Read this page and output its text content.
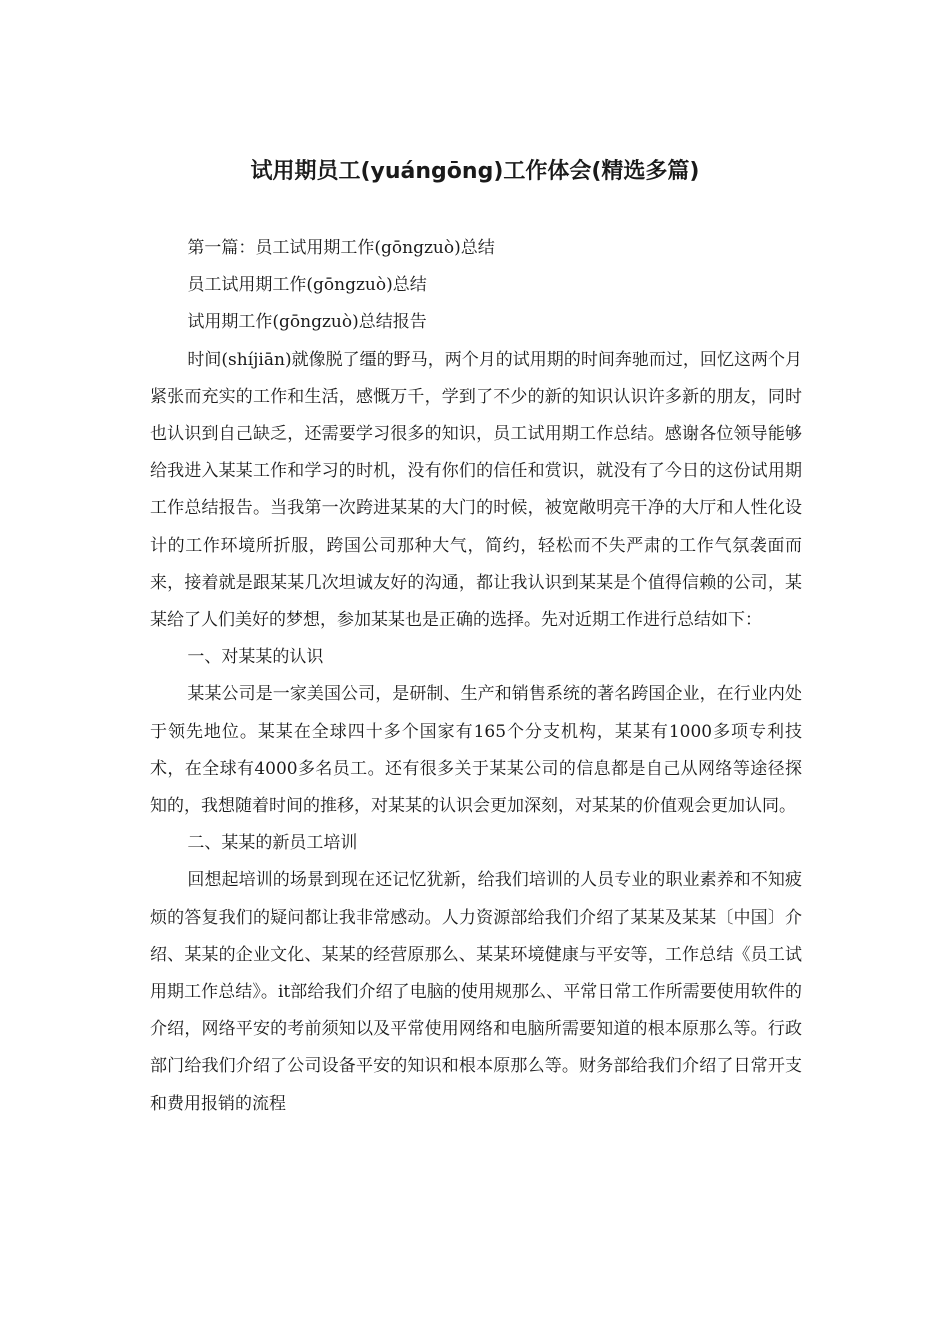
试用期员工(yuángōng)工作体会(精选多篇)

第一篇：员工试用期工作(gōngzuò)总结

员工试用期工作(gōngzuò)总结

试用期工作(gōngzuò)总结报告

时间(shíjiān)就像脱了缰的野马，两个月的试用期的时间奔驰而过，回忆这两个月紧张而充实的工作和生活，感慨万千，学到了不少的新的知识认识许多新的朋友，同时也认识到自己缺乏，还需要学习很多的知识，员工试用期工作总结。感谢各位领导能够给我进入某某工作和学习的时机，没有你们的信任和赏识，就没有了今日的这份试用期工作总结报告。当我第一次跨进某某的大门的时候，被宽敞明亮干净的大厅和人性化设计的工作环境所折服，跨国公司那种大气，简约，轻松而不失严肃的工作气氛袭面而来，接着就是跟某某几次坦诚友好的沟通，都让我认识到某某是个值得信赖的公司，某某给了人们美好的梦想，参加某某也是正确的选择。先对近期工作进行总结如下：

一、对某某的认识

某某公司是一家美国公司，是研制、生产和销售系统的著名跨国企业，在行业内处于领先地位。某某在全球四十多个国家有165个分支机构，某某有1000多项专利技术，在全球有4000多名员工。还有很多关于某某公司的信息都是自己从网络等途径探知的，我想随着时间的推移，对某某的认识会更加深刻，对某某的价值观会更加认同。

二、某某的新员工培训

回想起培训的场景到现在还记忆犹新，给我们培训的人员专业的职业素养和不知疲烦的答复我们的疑问都让我非常感动。人力资源部给我们介绍了某某及某某〔中国〕介绍、某某的企业文化、某某的经营原那么、某某环境健康与平安等，工作总结《员工试用期工作总结》。it部给我们介绍了电脑的使用规那么、平常日常工作所需要使用软件的介绍，网络平安的考前须知以及平常使用网络和电脑所需要知道的根本原那么等。行政部门给我们介绍了公司设备平安的知识和根本原那么等。财务部给我们介绍了日常开支和费用报销的流程
